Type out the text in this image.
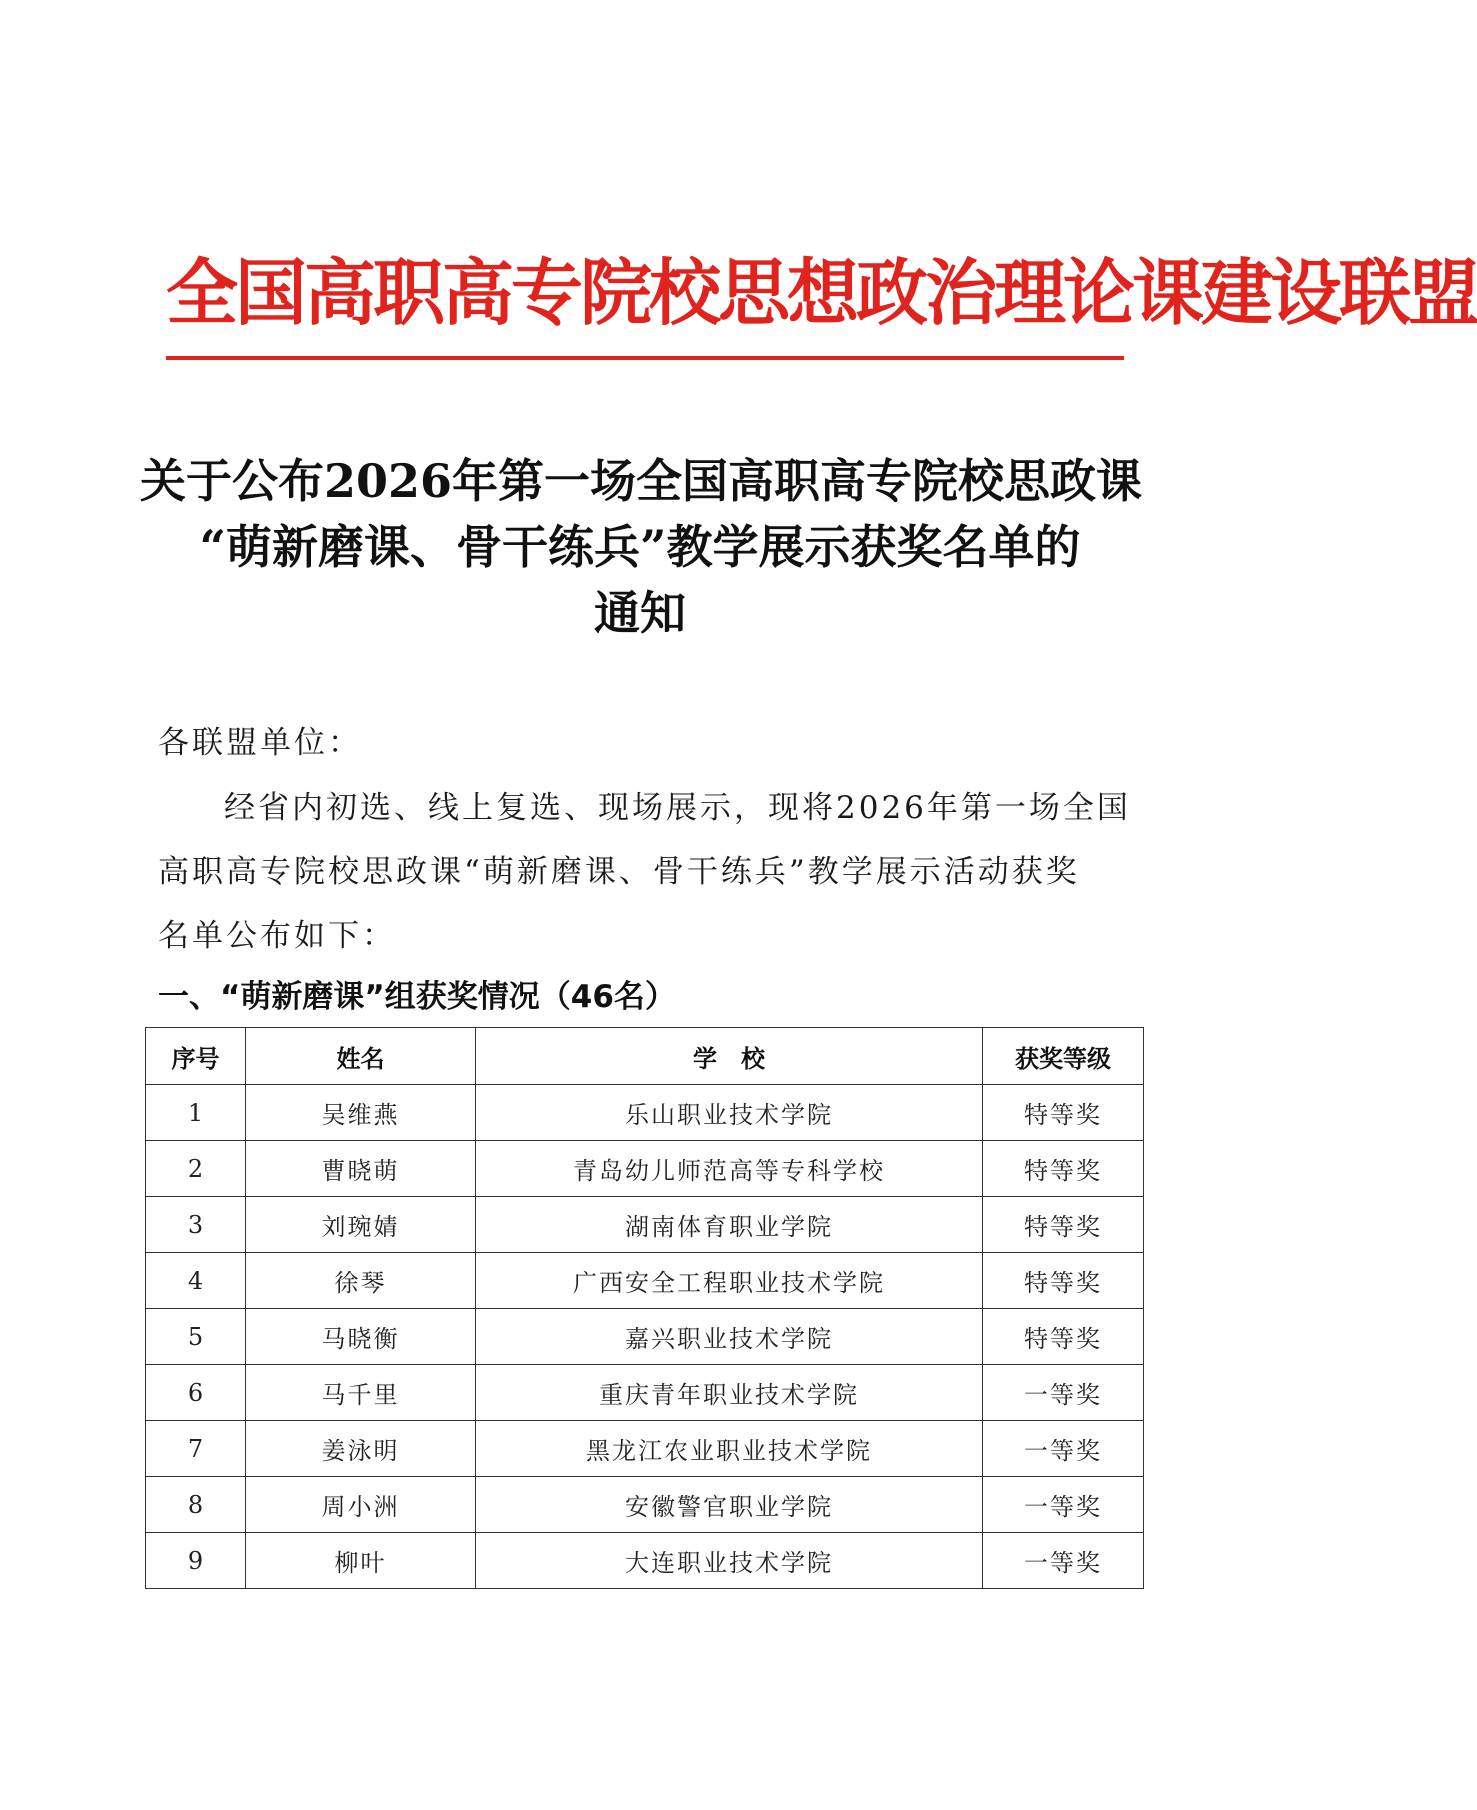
全国高职高专院校思想政治理论课建设联盟
关于公布2026年第一场全国高职高专院校思政课
“萌新磨课、骨干练兵”教学展示获奖名单的
通知
各联盟单位：
经省内初选、线上复选、现场展示，现将2026年第一场全国
高职高专院校思政课“萌新磨课、骨干练兵”教学展示活动获奖
名单公布如下：
一、“萌新磨课”组获奖情况（46名）
序号	姓名	学　校	获奖等级
1	吴维燕	乐山职业技术学院	特等奖
2	曹晓萌	青岛幼儿师范高等专科学校	特等奖
3	刘琬婧	湖南体育职业学院	特等奖
4	徐琴	广西安全工程职业技术学院	特等奖
5	马晓衡	嘉兴职业技术学院	特等奖
6	马千里	重庆青年职业技术学院	一等奖
7	姜泳明	黑龙江农业职业技术学院	一等奖
8	周小洲	安徽警官职业学院	一等奖
9	柳叶	大连职业技术学院	一等奖
